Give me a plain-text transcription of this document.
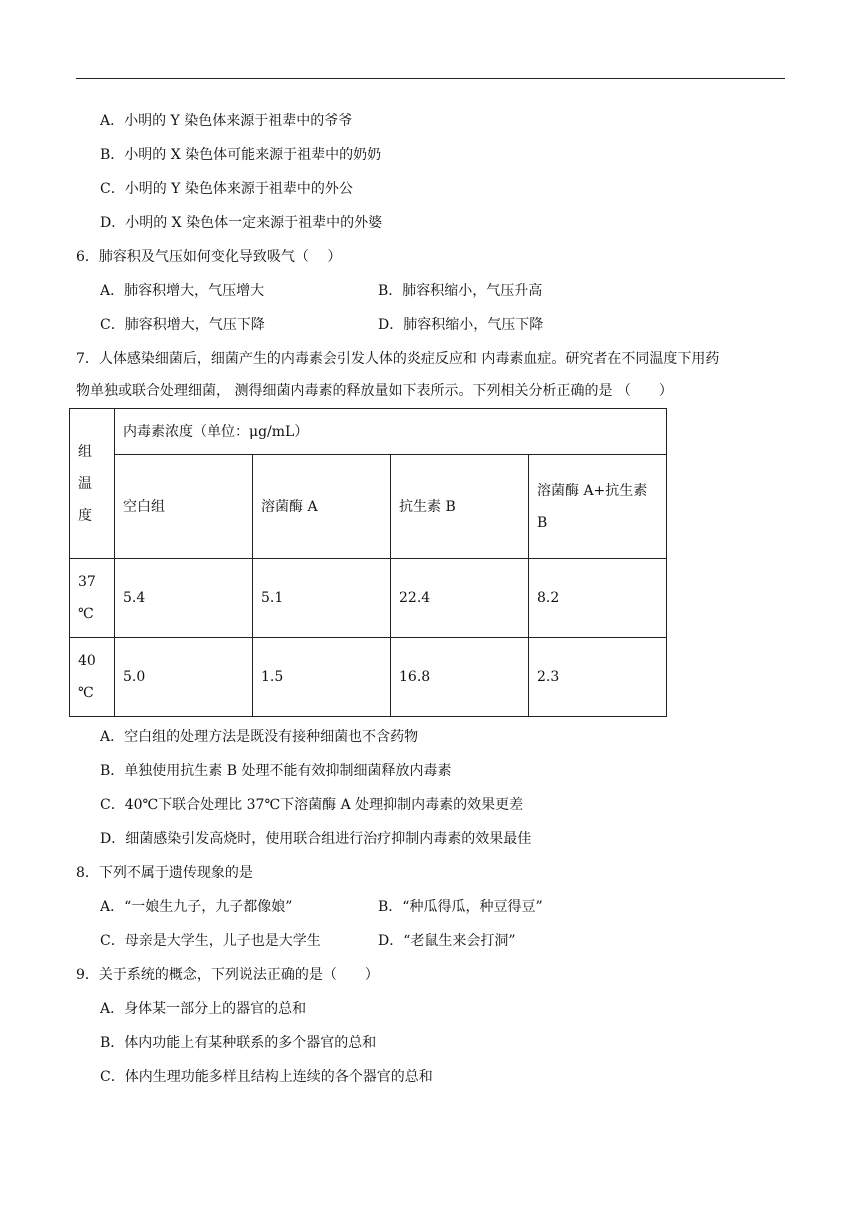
A．小明的 Y 染色体来源于祖辈中的爷爷
B．小明的 X 染色体可能来源于祖辈中的奶奶
C．小明的 Y 染色体来源于祖辈中的外公
D．小明的 X 染色体一定来源于祖辈中的外婆
6．肺容积及气压如何变化导致吸气（　 ）
A．肺容积增大，气压增大	B．肺容积缩小，气压升高
C．肺容积增大，气压下降	D．肺容积缩小，气压下降
7．人体感染细菌后，细菌产生的内毒素会引发人体的炎症反应和 内毒素血症。研究者在不同温度下用药
物单独或联合处理细菌， 测得细菌内毒素的释放量如下表所示。下列相关分析正确的是 （　　）
组
温
度	内毒素浓度（单位：μg/mL）			
	空白组	溶菌酶 A	抗生素 B	溶菌酶 A+抗生素
B

37
℃	5.4	5.1	22.4	8.2

40
℃	5.0	1.5	16.8	2.3
A．空白组的处理方法是既没有接种细菌也不含药物
B．单独使用抗生素 B 处理不能有效抑制细菌释放内毒素
C．40℃下联合处理比 37℃下溶菌酶 A 处理抑制内毒素的效果更差
D．细菌感染引发高烧时，使用联合组进行治疗抑制内毒素的效果最佳
8．下列不属于遗传现象的是
A．“一娘生九子，九子都像娘”	B．“种瓜得瓜，种豆得豆”
C．母亲是大学生，儿子也是大学生	D．“老鼠生来会打洞”
9．关于系统的概念，下列说法正确的是（　　）
A．身体某一部分上的器官的总和
B．体内功能上有某种联系的多个器官的总和
C．体内生理功能多样且结构上连续的各个器官的总和
